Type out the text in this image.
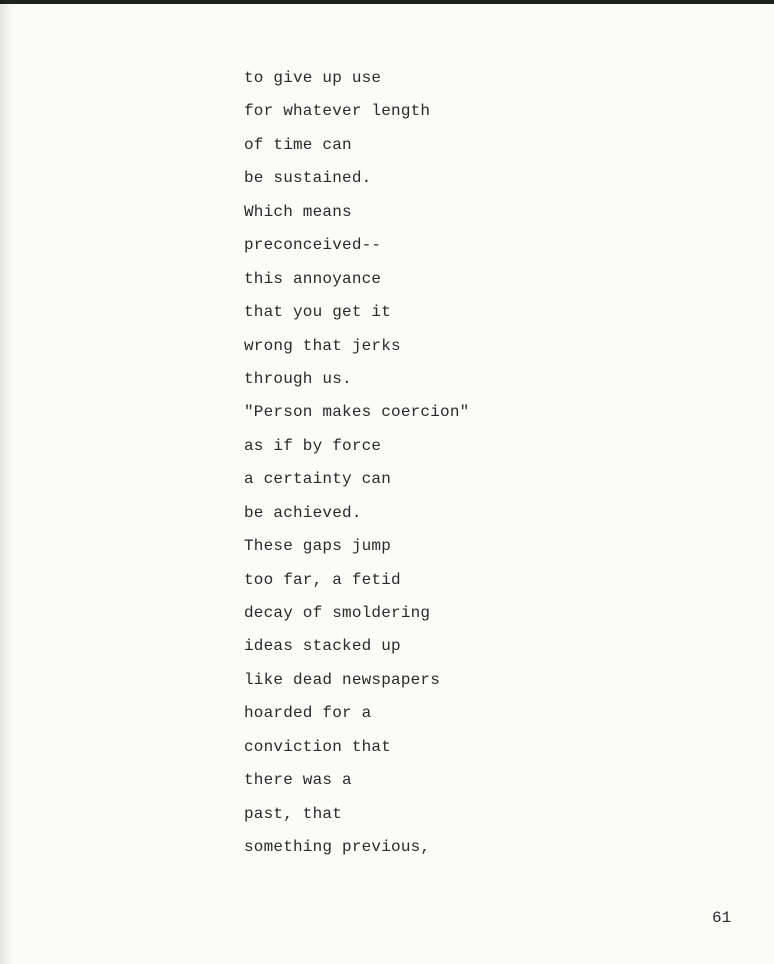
to give up use
for whatever length
of time can
be sustained.
Which means
preconceived--
this annoyance
that you get it
wrong that jerks
through us.
"Person makes coercion"
as if by force
a certainty can
be achieved.
These gaps jump
too far, a fetid
decay of smoldering
ideas stacked up
like dead newspapers
hoarded for a
conviction that
there was a
past, that
something previous,
61
